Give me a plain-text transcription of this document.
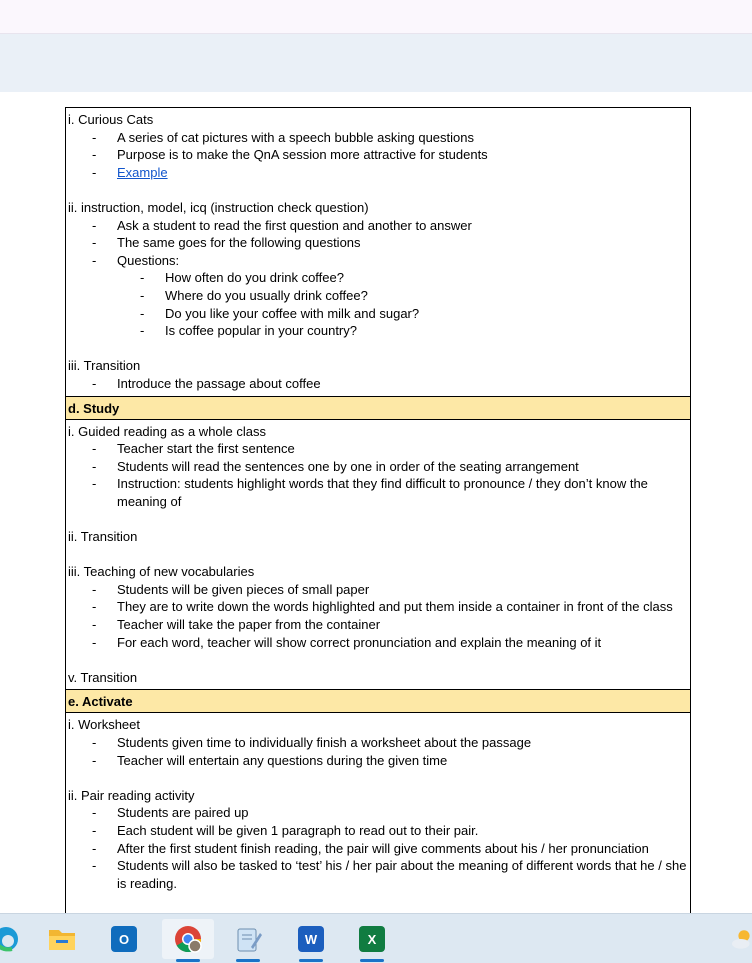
i. Curious Cats
- A series of cat pictures with a speech bubble asking questions
- Purpose is to make the QnA session more attractive for students
- Example
ii. instruction, model, icq (instruction check question)
- Ask a student to read the first question and another to answer
- The same goes for the following questions
- Questions:
- How often do you drink coffee?
- Where do you usually drink coffee?
- Do you like your coffee with milk and sugar?
- Is coffee popular in your country?
iii. Transition
- Introduce the passage about coffee
d. Study
i. Guided reading as a whole class
- Teacher start the first sentence
- Students will read the sentences one by one in order of the seating arrangement
- Instruction: students highlight words that they find difficult to pronounce / they don’t know the meaning of
ii. Transition
iii. Teaching of new vocabularies
- Students will be given pieces of small paper
- They are to write down the words highlighted and put them inside a container in front of the class
- Teacher will take the paper from the container
- For each word, teacher will show correct pronunciation and explain the meaning of it
v. Transition
e. Activate
i. Worksheet
- Students given time to individually finish a worksheet about the passage
- Teacher will entertain any questions during the given time
ii. Pair reading activity
- Students are paired up
- Each student will be given 1 paragraph to read out to their pair.
- After the first student finish reading, the pair will give comments about his / her pronunciation
- Students will also be tasked to ‘test’ his / her pair about the meaning of different words that he / she is reading.
O	W	X
